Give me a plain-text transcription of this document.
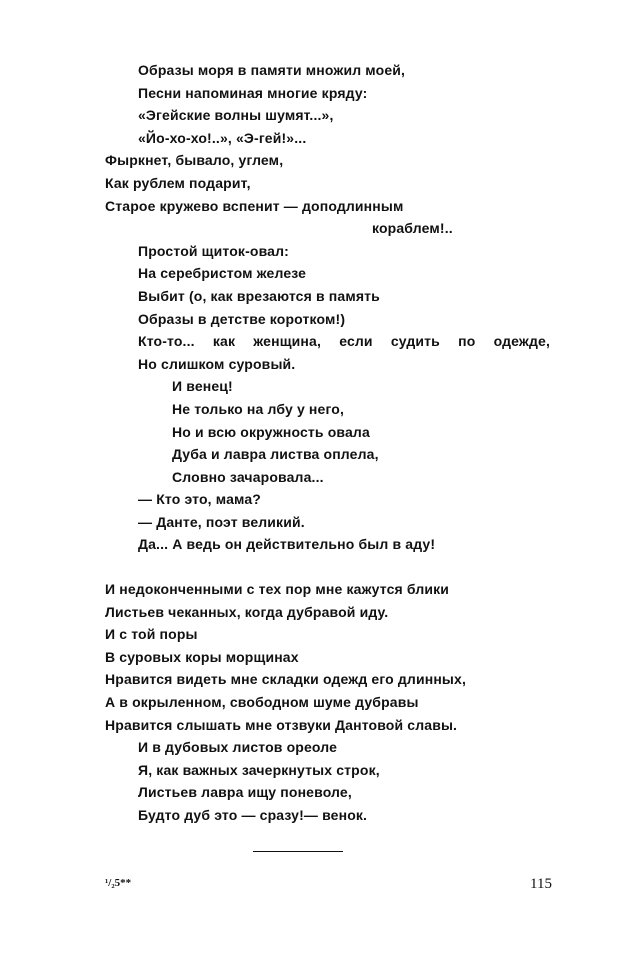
Образы моря в памяти множил моей,
Песни напоминая многие кряду:
«Эгейские волны шумят...»,
«Йо-хо-хо!..», «Э-гей!»...
Фыркнет, бывало, углем,
Как рублем подарит,
Старое кружево вспенит — доподлинным
кораблем!..
Простой щиток-овал:
На серебристом железе
Выбит (о, как врезаются в память
Образы в детстве коротком!)
Кто-то... как женщина, если судить по одежде,
Но слишком суровый.
И венец!
Не только на лбу у него,
Но и всю окружность овала
Дуба и лавра листва оплела,
Словно зачаровала...
— Кто это, мама?
— Данте, поэт великий.
Да... А ведь он действительно был в аду!
И недоконченными с тех пор мне кажутся блики
Листьев чеканных, когда дубравой иду.
И с той поры
В суровых коры морщинах
Нравится видеть мне складки одежд его длинных,
А в окрыленном, свободном шуме дубравы
Нравится слышать мне отзвуки Дантовой славы.
И в дубовых листов ореоле
Я, как важных зачеркнутых строк,
Листьев лавра ищу поневоле,
Будто дуб это — сразу!— венок.
¹/₂5**	115
